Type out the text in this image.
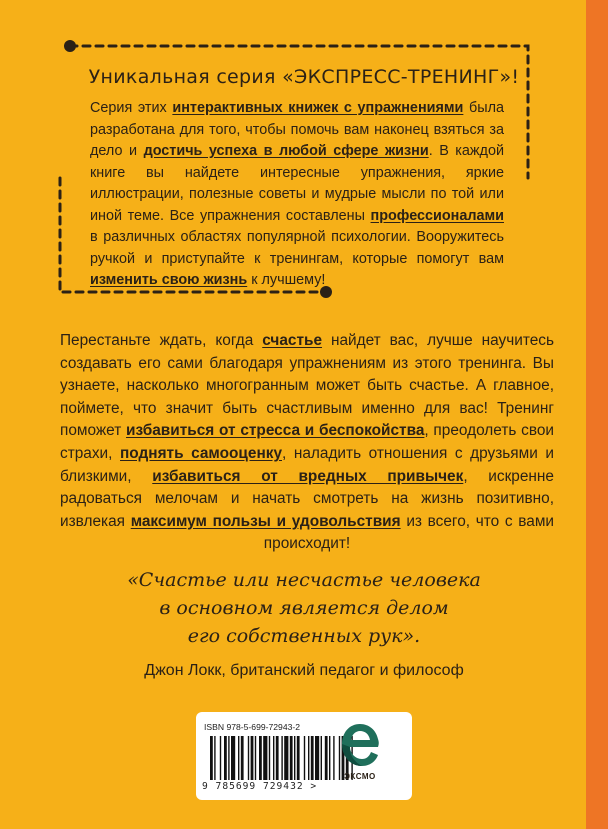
Уникальная серия «ЭКСПРЕСС-ТРЕНИНГ»!
Серия этих интерактивных книжек с упражнениями была разработана для того, чтобы помочь вам наконец взяться за дело и достичь успеха в любой сфере жизни. В каждой книге вы найдете интересные упражнения, яркие иллюстрации, полезные советы и мудрые мысли по той или иной теме. Все упражнения составлены профессионалами в различных областях популярной психологии. Вооружитесь ручкой и приступайте к тренингам, которые помогут вам изменить свою жизнь к лучшему!
Перестаньте ждать, когда счастье найдет вас, лучше научитесь создавать его сами благодаря упражнениям из этого тренинга. Вы узнаете, насколько многогранным может быть счастье. А главное, поймете, что значит быть счастливым именно для вас! Тренинг поможет избавиться от стресса и беспокойства, преодолеть свои страхи, поднять самооценку, наладить отношения с друзьями и близкими, избавиться от вредных привычек, искренне радоваться мелочам и начать смотреть на жизнь позитивно, извлекая максимум пользы и удовольствия из всего, что с вами происходит!
«Счастье или несчастье человека
в основном является делом
его собственных рук».
Джон Локк, британский педагог и философ
ISBN 978-5-699-72943-2
9 785699 729432 >
ЭКСМО
